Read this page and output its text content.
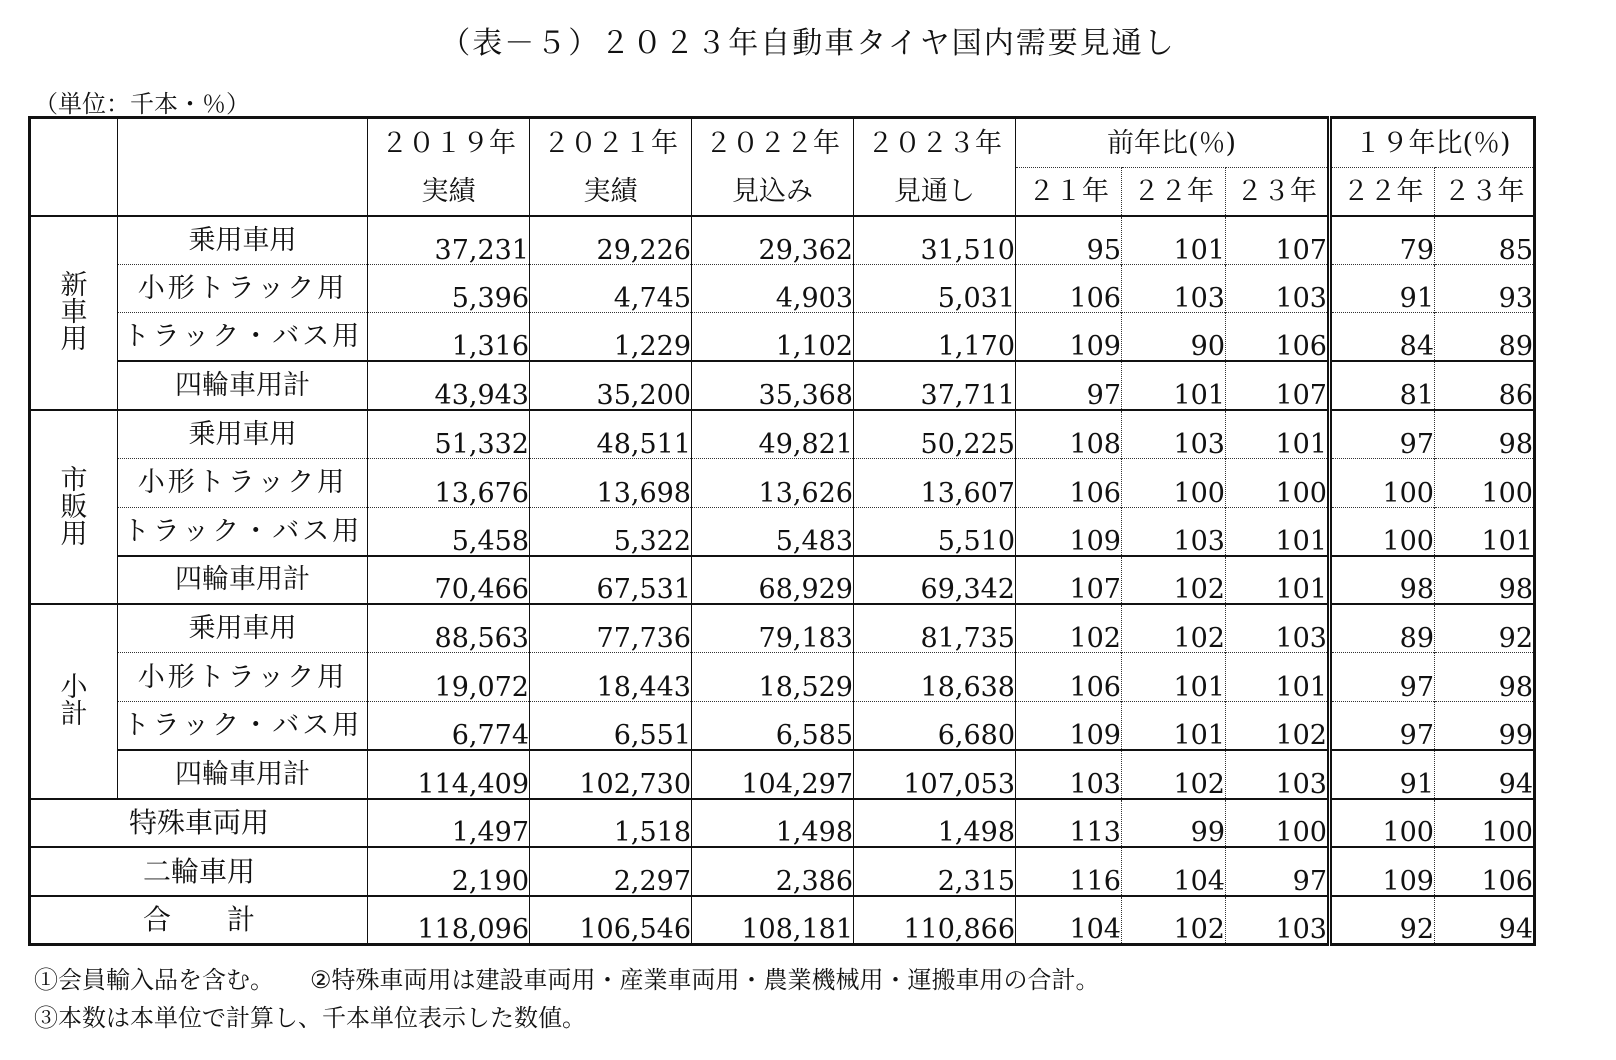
（表－５）２０２３年自動車タイヤ国内需要見通し
（単位：千本・％）
		２０１９年	２０２１年	２０２２年	２０２３年	前年比(％)			１９年比(％)	
		実績	実績	見込み	見通し	２１年	２２年	２３年	２２年	２３年

新
車
用	乗用車用	37,231	29,226	29,362	31,510	95	101	107	79	85
	小形トラック用	5,396	4,745	4,903	5,031	106	103	103	91	93
	トラック・バス用	1,316	1,229	1,102	1,170	109	90	106	84	89
	四輪車用計	43,943	35,200	35,368	37,711	97	101	107	81	86

市
販
用	乗用車用	51,332	48,511	49,821	50,225	108	103	101	97	98
	小形トラック用	13,676	13,698	13,626	13,607	106	100	100	100	100
	トラック・バス用	5,458	5,322	5,483	5,510	109	103	101	100	101
	四輪車用計	70,466	67,531	68,929	69,342	107	102	101	98	98

小
計	乗用車用	88,563	77,736	79,183	81,735	102	102	103	89	92
	小形トラック用	19,072	18,443	18,529	18,638	106	101	101	97	98
	トラック・バス用	6,774	6,551	6,585	6,680	109	101	102	97	99
	四輪車用計	114,409	102,730	104,297	107,053	103	102	103	91	94
特殊車両用		1,497	1,518	1,498	1,498	113	99	100	100	100
二輪車用		2,190	2,297	2,386	2,315	116	104	97	109	106
合　　計		118,096	106,546	108,181	110,866	104	102	103	92	94
①会員輸入品を含む。 ②特殊車両用は建設車両用・産業車両用・農業機械用・運搬車用の合計。
③本数は本単位で計算し、千本単位表示した数値。
